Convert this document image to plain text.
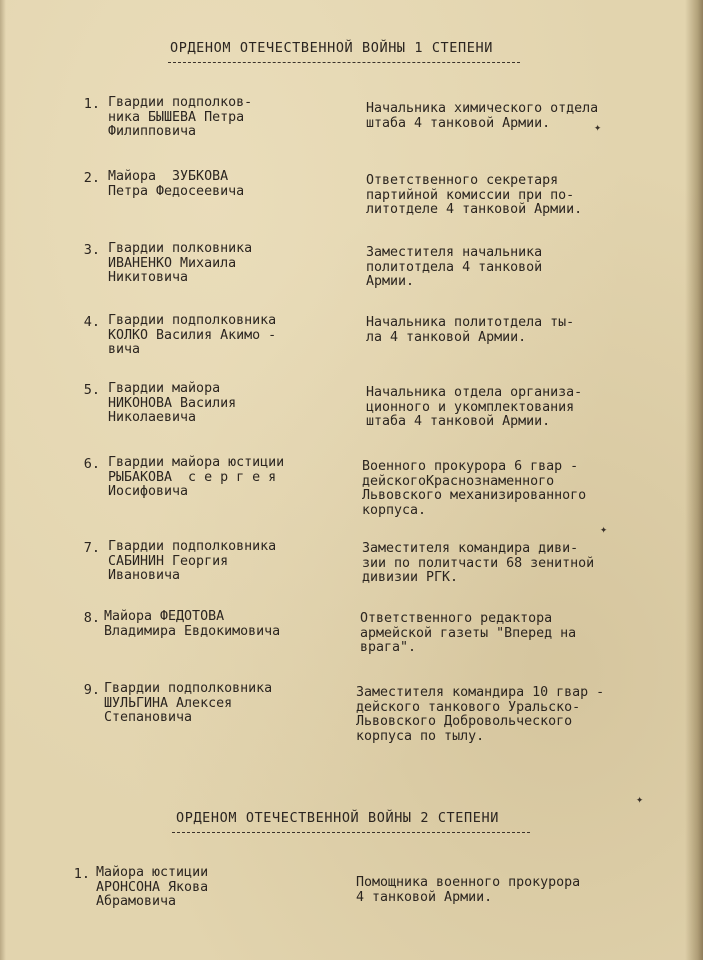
ОРДЕНОМ ОТЕЧЕСТВЕННОЙ ВОЙНЫ 1 СТЕПЕНИ
1. Гвардии подполков-
ника БЫШЕВА Петра
Филипповича
Начальника химического отдела
штаба 4 танковой Армии.	✦
2. Майора  ЗУБКОВА
Петра Федосеевича
Ответственного секретаря
партийной комиссии при по-
литотделе 4 танковой Армии.
3. Гвардии полковника
ИВАНЕНКО Михаила
Никитовича
Заместителя начальника
политотдела 4 танковой
Армии.
4. Гвардии подполковника
КОЛКО Василия Акимо -
вича
Начальника политотдела ты-
ла 4 танковой Армии.
5. Гвардии майора
НИКОНОВА Василия
Николаевича
Начальника отдела организа-
ционного и укомплектования
штаба 4 танковой Армии.
6. Гвардии майора юстиции
РЫБАКОВА  с е р г е я
Иосифовича
Военного прокурора 6 гвар -
дейскогоКраснознаменного
Львовского механизированного
корпуса.
7. Гвардии подполковника
САБИНИН Георгия
Ивановича
Заместителя командира диви-
зии по политчасти 68 зенитной
дивизии РГК.
✦
8. Майора ФЕДОТОВА
Владимира Евдокимовича
Ответственного редактора
армейской газеты "Вперед на
врага".
9. Гвардии подполковника
ШУЛЬГИНА Алексея
Степановича
Заместителя командира 10 гвар -
дейского танкового Уральско-
Львовского Добровольческого
корпуса по тылу.
✦
ОРДЕНОМ ОТЕЧЕСТВЕННОЙ ВОЙНЫ 2 СТЕПЕНИ
1. Майора юстиции
АРОНСОНА Якова
Абрамовича
Помощника военного прокурора
4 танковой Армии.
